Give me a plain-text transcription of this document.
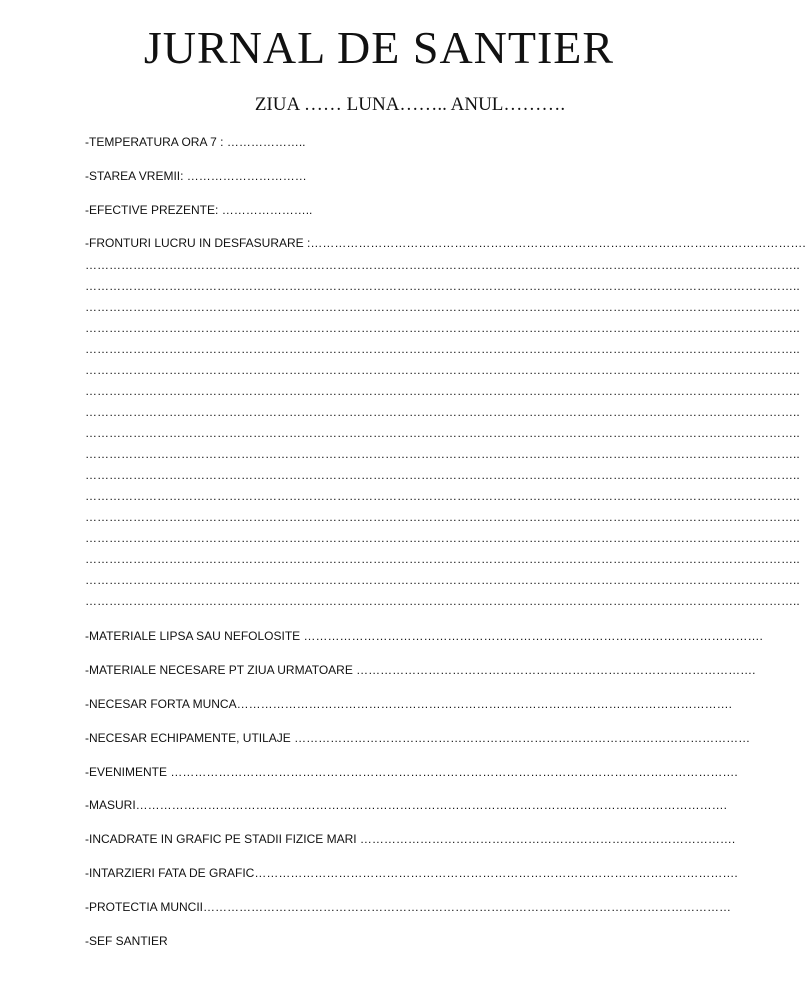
JURNAL DE SANTIER
ZIUA …… LUNA…….. ANUL……….
-TEMPERATURA ORA 7 : ………………..
-STAREA VREMII: …………………………
-EFECTIVE PREZENTE: …………………..
-FRONTURI LUCRU IN DESFASURARE :…………………………………………………………………………………………………………….
……………………………………………………………………………………………………………………………………………………………..
……………………………………………………………………………………………………………………………………………………………..
……………………………………………………………………………………………………………………………………………………………..
……………………………………………………………………………………………………………………………………………………………..
……………………………………………………………………………………………………………………………………………………………..
……………………………………………………………………………………………………………………………………………………………..
……………………………………………………………………………………………………………………………………………………………..
……………………………………………………………………………………………………………………………………………………………..
……………………………………………………………………………………………………………………………………………………………..
……………………………………………………………………………………………………………………………………………………………..
……………………………………………………………………………………………………………………………………………………………..
……………………………………………………………………………………………………………………………………………………………..
……………………………………………………………………………………………………………………………………………………………..
……………………………………………………………………………………………………………………………………………………………..
……………………………………………………………………………………………………………………………………………………………..
……………………………………………………………………………………………………………………………………………………………..
……………………………………………………………………………………………………………………………………………………………..
-MATERIALE LIPSA SAU NEFOLOSITE …………………………………………………………………………………………………….
-MATERIALE NECESARE PT ZIUA URMATOARE ……………………………………………………………………………………….
-NECESAR FORTA MUNCA…………………………………………………………………………………………………………….
-NECESAR ECHIPAMENTE, UTILAJE ……………………………………………………………………………………………………
-EVENIMENTE …………………………………………………………………………………………………………………………….
-MASURI………………………………………………………………………………………………………………………………….
-INCADRATE IN GRAFIC PE STADII FIZICE MARI ………………………………………………………………………………….
-INTARZIERI FATA DE GRAFIC………………………………………………………………………………………………………….
-PROTECTIA MUNCII……………………………………………………………………………………………………………………
-SEF SANTIER
